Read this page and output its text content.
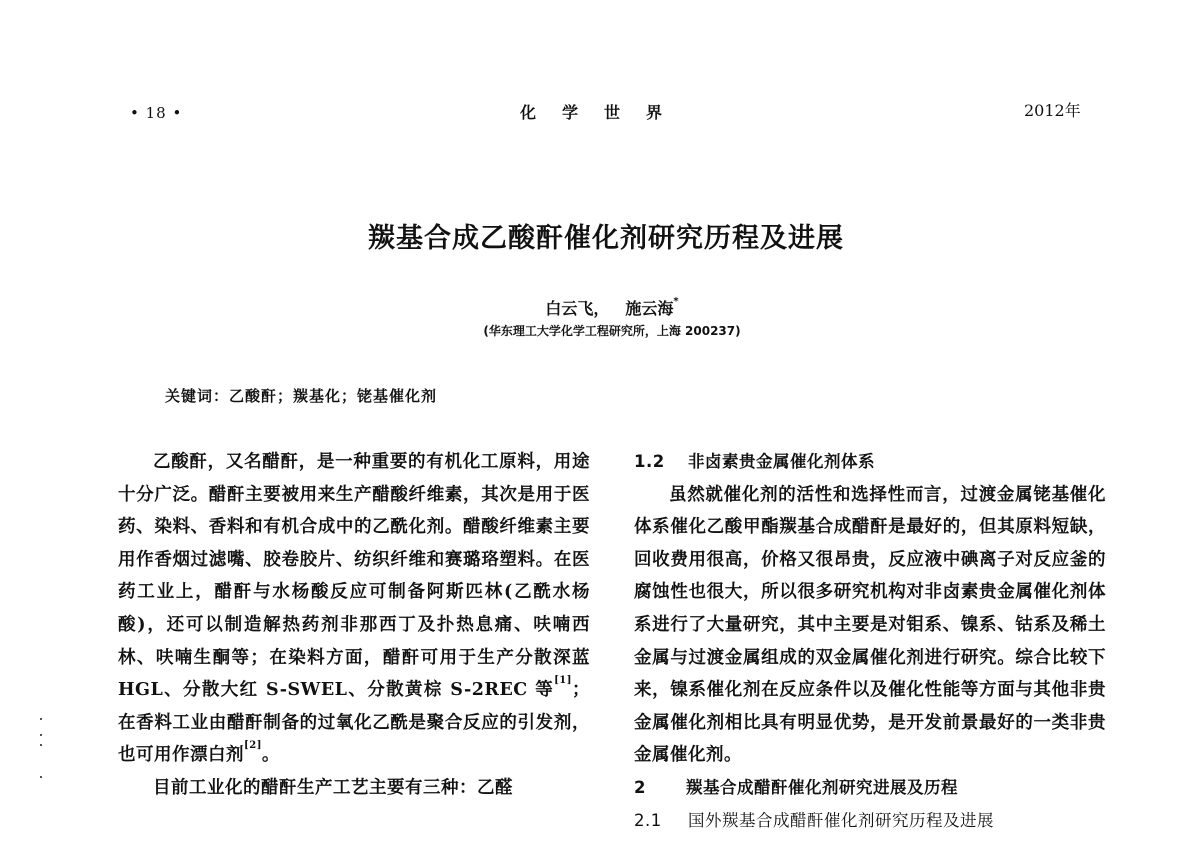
• 18 •	化学世界	2012年
羰基合成乙酸酐催化剂研究历程及进展
白云飞， 施云海*
(华东理工大学化学工程研究所，上海 200237)
关键词：乙酸酐；羰基化；铑基催化剂

乙酸酐，又名醋酐，是一种重要的有机化工原料，用途十分广泛。醋酐主要被用来生产醋酸纤维素，其次是用于医药、染料、香料和有机合成中的乙酰化剂。醋酸纤维素主要用作香烟过滤嘴、胶卷胶片、纺织纤维和赛璐珞塑料。在医药工业上，醋酐与水杨酸反应可制备阿斯匹林(乙酰水杨酸)，还可以制造解热药剂非那西丁及扑热息痛、呋喃西林、呋喃生酮等；在染料方面，醋酐可用于生产分散深蓝HGL、分散大红 S-SWEL、分散黄棕 S-2REC 等[1]；在香料工业由醋酐制备的过氧化乙酰是聚合反应的引发剂，也可用作漂白剂[2]。

目前工业化的醋酐生产工艺主要有三种：乙醛

1.2 非卤素贵金属催化剂体系

虽然就催化剂的活性和选择性而言，过渡金属铑基催化体系催化乙酸甲酯羰基合成醋酐是最好的，但其原料短缺，回收费用很高，价格又很昂贵，反应液中碘离子对反应釜的腐蚀性也很大，所以很多研究机构对非卤素贵金属催化剂体系进行了大量研究，其中主要是对钼系、镍系、钴系及稀土金属与过渡金属组成的双金属催化剂进行研究。综合比较下来，镍系催化剂在反应条件以及催化性能等方面与其他非贵金属催化剂相比具有明显优势，是开发前景最好的一类非贵金属催化剂。

2 羰基合成醋酐催化剂研究进展及历程
2.1 国外羰基合成醋酐催化剂研究历程及进展
